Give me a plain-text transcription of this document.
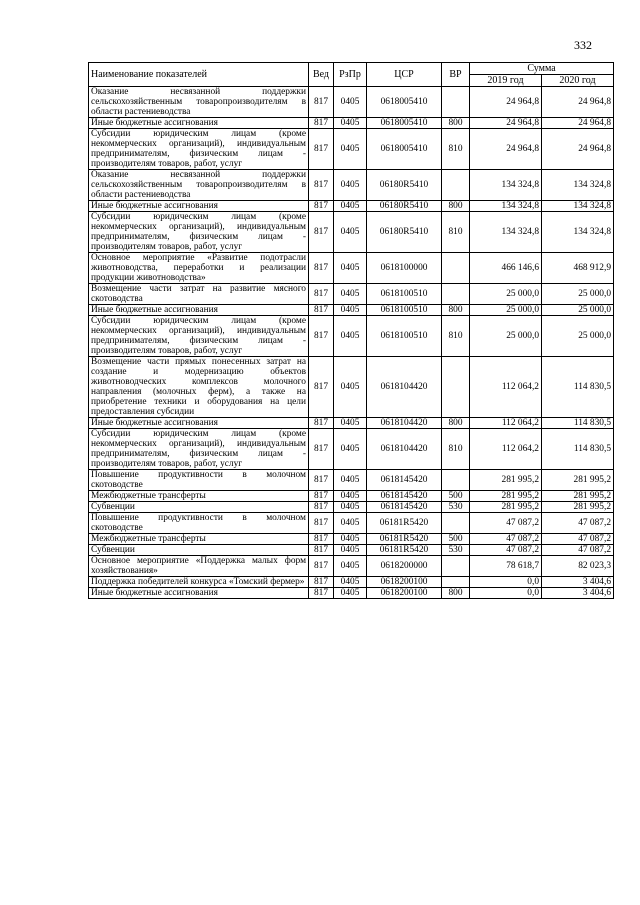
332
Наименование показателей	Вед	РзПр	ЦСР	ВР	Сумма	
					2019 год	2020 год
Оказание несвязанной поддержки сельскохозяйственным товаропроизводителям в области растениеводства	817	0405	0618005410		24 964,8	24 964,8
Иные бюджетные ассигнования	817	0405	0618005410	800	24 964,8	24 964,8
Субсидии юридическим лицам (кроме некоммерческих организаций), индивидуальным предпринимателям, физическим лицам - производителям товаров, работ, услуг	817	0405	0618005410	810	24 964,8	24 964,8
Оказание несвязанной поддержки сельскохозяйственным товаропроизводителям в области растениеводства	817	0405	06180R5410		134 324,8	134 324,8
Иные бюджетные ассигнования	817	0405	06180R5410	800	134 324,8	134 324,8
Субсидии юридическим лицам (кроме некоммерческих организаций), индивидуальным предпринимателям, физическим лицам - производителям товаров, работ, услуг	817	0405	06180R5410	810	134 324,8	134 324,8
Основное мероприятие «Развитие подотрасли животноводства, переработки и реализации продукции животноводства»	817	0405	0618100000		466 146,6	468 912,9
Возмещение части затрат на развитие мясного скотоводства	817	0405	0618100510		25 000,0	25 000,0
Иные бюджетные ассигнования	817	0405	0618100510	800	25 000,0	25 000,0
Субсидии юридическим лицам (кроме некоммерческих организаций), индивидуальным предпринимателям, физическим лицам - производителям товаров, работ, услуг	817	0405	0618100510	810	25 000,0	25 000,0
Возмещение части прямых понесенных затрат на создание и модернизацию объектов животноводческих комплексов молочного направления (молочных ферм), а также на приобретение техники и оборудования на цели предоставления субсидии	817	0405	0618104420		112 064,2	114 830,5
Иные бюджетные ассигнования	817	0405	0618104420	800	112 064,2	114 830,5
Субсидии юридическим лицам (кроме некоммерческих организаций), индивидуальным предпринимателям, физическим лицам - производителям товаров, работ, услуг	817	0405	0618104420	810	112 064,2	114 830,5
Повышение продуктивности в молочном скотоводстве	817	0405	0618145420		281 995,2	281 995,2
Межбюджетные трансферты	817	0405	0618145420	500	281 995,2	281 995,2
Субвенции	817	0405	0618145420	530	281 995,2	281 995,2
Повышение продуктивности в молочном скотоводстве	817	0405	06181R5420		47 087,2	47 087,2
Межбюджетные трансферты	817	0405	06181R5420	500	47 087,2	47 087,2
Субвенции	817	0405	06181R5420	530	47 087,2	47 087,2
Основное мероприятие «Поддержка малых форм хозяйствования»	817	0405	0618200000		78 618,7	82 023,3
Поддержка победителей конкурса «Томский фермер»	817	0405	0618200100		0,0	3 404,6
Иные бюджетные ассигнования	817	0405	0618200100	800	0,0	3 404,6
